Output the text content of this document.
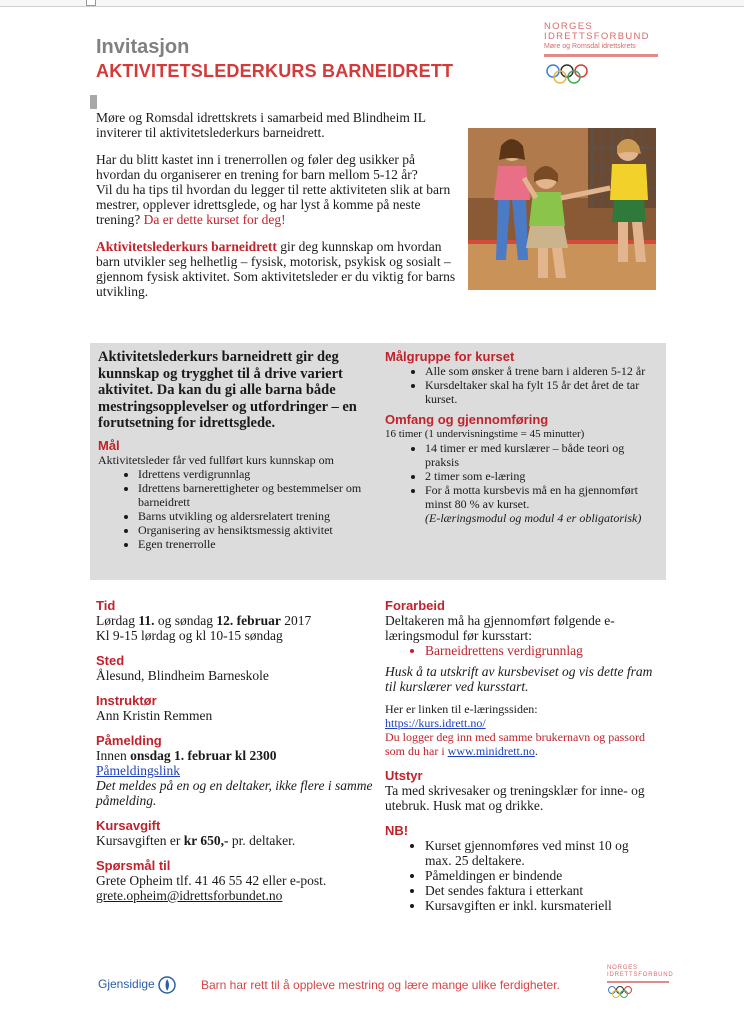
Invitasjon
AKTIVITETSLEDERKURS BARNEIDRETT
NORGES
IDRETTSFORBUND
Møre og Romsdal idrettskrets

Møre og Romsdal idrettskrets i samarbeid med Blindheim IL inviterer til aktivitetslederkurs barneidrett.

Har du blitt kastet inn i trenerrollen og føler deg usikker på hvordan du organiserer en trening for barn mellom 5-12 år?

Vil du ha tips til hvordan du legger til rette aktiviteten slik at barn mestrer, opplever idrettsglede, og har lyst å komme på neste trening? Da er dette kurset for deg!

Aktivitetslederkurs barneidrett gir deg kunnskap om hvordan barn utvikler seg helhetlig – fysisk, motorisk, psykisk og sosialt – gjennom fysisk aktivitet. Som aktivitetsleder er du viktig for barns utvikling.

Aktivitetslederkurs barneidrett gir deg kunnskap og trygghet til å drive variert aktivitet. Da kan du gi alle barna både mestringsopplevelser og utfordringer – en forutsetning for idrettsglede.
Mål
Aktivitetsleder får ved fullført kurs kunnskap om
• Idrettens verdigrunnlag
• Idrettens barnerettigheter og bestemmelser om barneidrett
• Barns utvikling og aldersrelatert trening
• Organisering av hensiktsmessig aktivitet
• Egen trenerrolle
Målgruppe for kurset
• Alle som ønsker å trene barn i alderen 5-12 år
• Kursdeltaker skal ha fylt 15 år det året de tar kurset.
Omfang og gjennomføring
16 timer (1 undervisningstime = 45 minutter)
• 14 timer er med kurslærer – både teori og praksis
• 2 timer som e-læring
• For å motta kursbevis må en ha gjennomført minst 80 % av kurset.
(E-læringsmodul og modul 4 er obligatorisk)
Tid
Lørdag 11. og søndag 12. februar 2017
Kl 9-15 lørdag og kl 10-15 søndag
Sted
Ålesund, Blindheim Barneskole
Instruktør
Ann Kristin Remmen
Påmelding
Innen onsdag 1. februar kl 2300
Påmeldingslink
Det meldes på en og en deltaker, ikke flere i samme påmelding.
Kursavgift
Kursavgiften er kr 650,- pr. deltaker.
Spørsmål til
Grete Opheim tlf. 41 46 55 42 eller e-post.
grete.opheim@idrettsforbundet.no
Forarbeid
Deltakeren må ha gjennomført følgende e-læringsmodul før kursstart:
• Barneidrettens verdigrunnlag
Husk å ta utskrift av kursbeviset og vis dette fram til kurslærer ved kursstart.
Her er linken til e-læringssiden:
https://kurs.idrett.no/
Du logger deg inn med samme brukernavn og passord som du har i www.minidrett.no.
Utstyr
Ta med skrivesaker og treningsklær for inne- og utebruk. Husk mat og drikke.
NB!
• Kurset gjennomføres ved minst 10 og max. 25 deltakere.
• Påmeldingen er bindende
• Det sendes faktura i etterkant
• Kursavgiften er inkl. kursmateriell
Gjensidige	Barn har rett til å oppleve mestring og lære mange ulike ferdigheter.
NORGES
IDRETTSFORBUND
